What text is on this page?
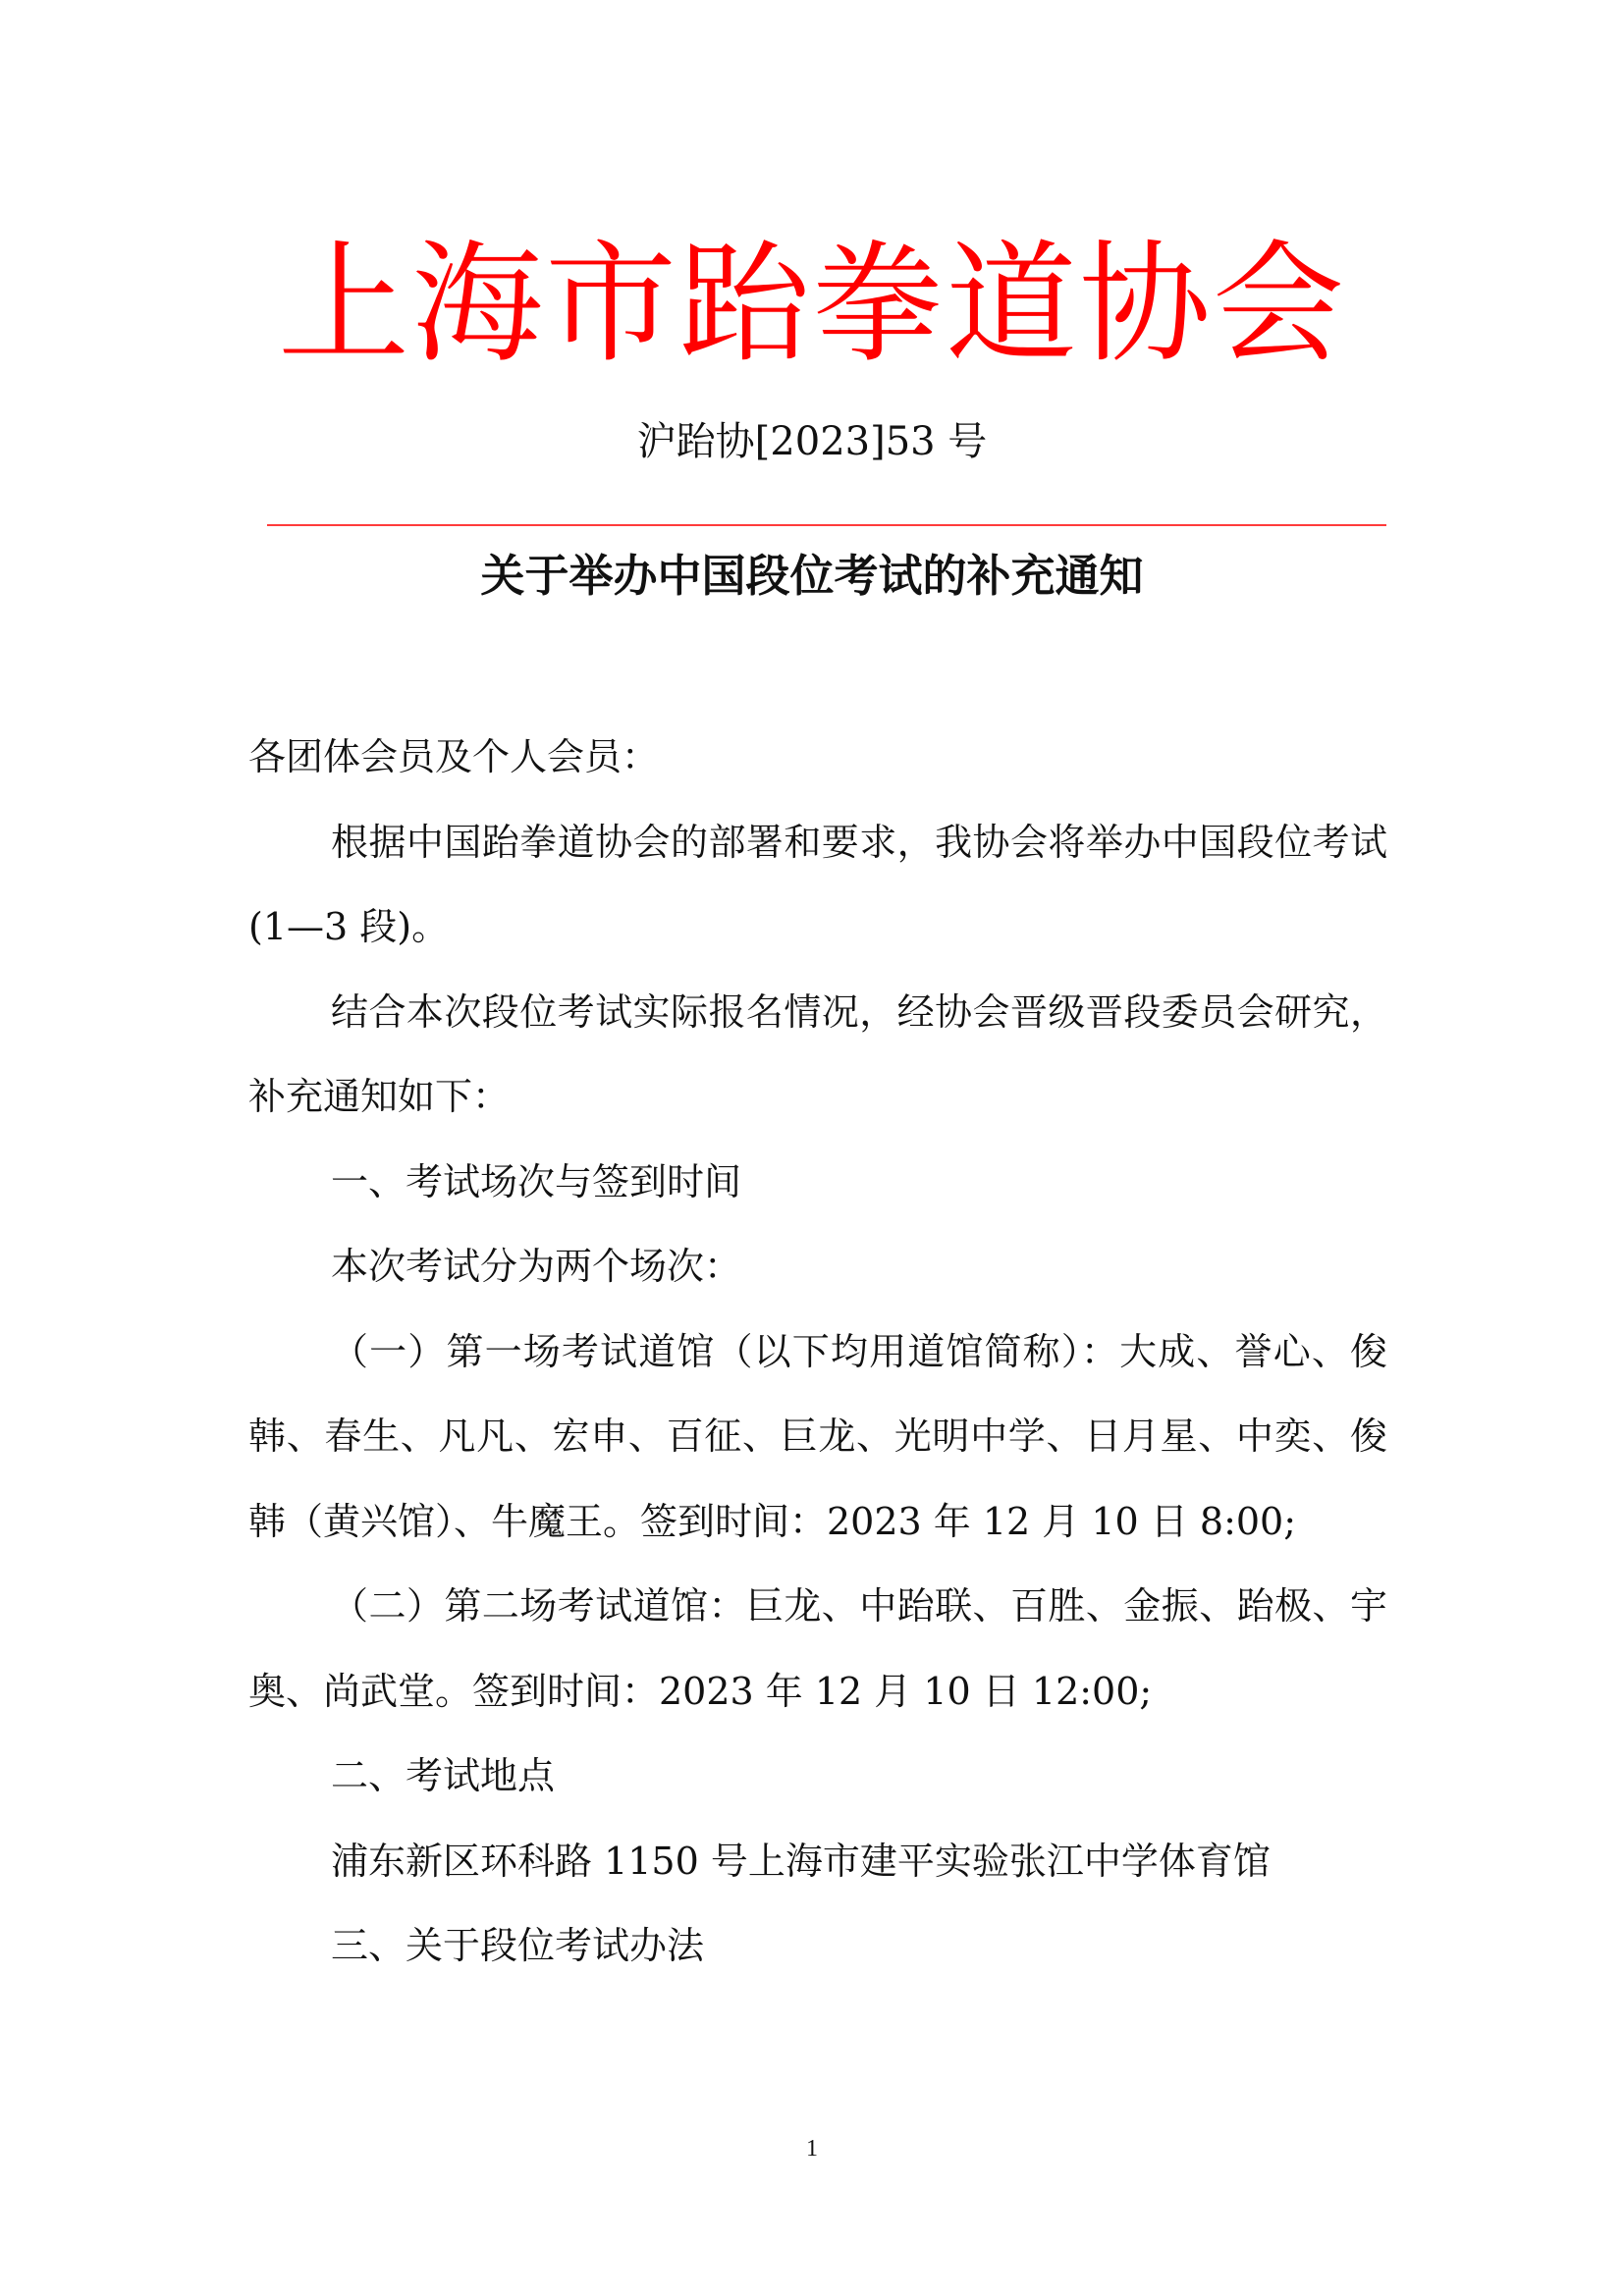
上海市跆拳道协会
沪跆协[2023]53 号
关于举办中国段位考试的补充通知

各团体会员及个人会员：

根据中国跆拳道协会的部署和要求，我协会将举办中国段位考试(1—3 段)。

结合本次段位考试实际报名情况，经协会晋级晋段委员会研究，补充通知如下：

一、考试场次与签到时间

本次考试分为两个场次：

（一）第一场考试道馆（以下均用道馆简称）：大成、誉心、俊韩、春生、凡凡、宏申、百征、巨龙、光明中学、日月星、中奕、俊韩（黄兴馆）、牛魔王。签到时间：2023 年 12 月 10 日 8:00;

（二）第二场考试道馆：巨龙、中跆联、百胜、金振、跆极、宇奥、尚武堂。签到时间：2023 年 12 月 10 日 12:00;

二、考试地点

浦东新区环科路 1150 号上海市建平实验张江中学体育馆

三、关于段位考试办法

1
